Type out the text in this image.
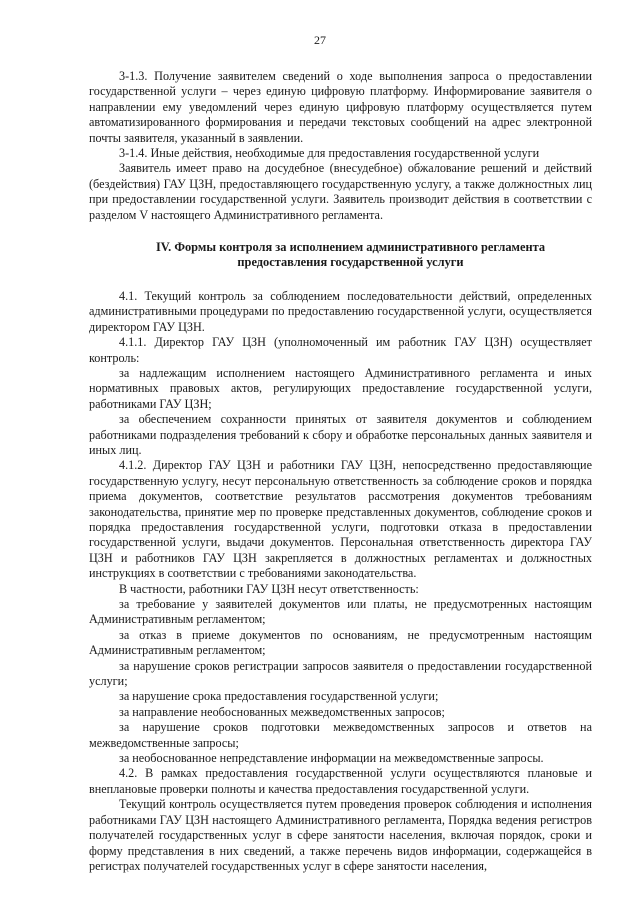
27

3-1.3. Получение заявителем сведений о ходе выполнения запроса о предоставлении государственной услуги – через единую цифровую платформу. Информирование заявителя о направлении ему уведомлений через единую цифровую платформу осуществляется путем автоматизированного формирования и передачи текстовых сообщений на адрес электронной почты заявителя, указанный в заявлении.

3-1.4. Иные действия, необходимые для предоставления государственной услуги

Заявитель имеет право на досудебное (внесудебное) обжалование решений и действий (бездействия) ГАУ ЦЗН, предоставляющего государственную услугу, а также должностных лиц при предоставлении государственной услуги. Заявитель производит действия в соответствии с разделом V настоящего Административного регламента.

IV. Формы контроля за исполнением административного регламента
предоставления государственной услуги

4.1. Текущий контроль за соблюдением последовательности действий, определенных административными процедурами по предоставлению государственной услуги, осуществляется директором ГАУ ЦЗН.

4.1.1. Директор ГАУ ЦЗН (уполномоченный им работник ГАУ ЦЗН) осуществляет контроль:

за надлежащим исполнением настоящего Административного регламента и иных нормативных правовых актов, регулирующих предоставление государственной услуги, работниками ГАУ ЦЗН;

за обеспечением сохранности принятых от заявителя документов и соблюдением работниками подразделения требований к сбору и обработке персональных данных заявителя и иных лиц.

4.1.2. Директор ГАУ ЦЗН и работники ГАУ ЦЗН, непосредственно предоставляющие государственную услугу, несут персональную ответственность за соблюдение сроков и порядка приема документов, соответствие результатов рассмотрения документов требованиям законодательства, принятие мер по проверке представленных документов, соблюдение сроков и порядка предоставления государственной услуги, подготовки отказа в предоставлении государственной услуги, выдачи документов. Персональная ответственность директора ГАУ ЦЗН и работников ГАУ ЦЗН закрепляется в должностных регламентах и должностных инструкциях в соответствии с требованиями законодательства.

В частности, работники ГАУ ЦЗН несут ответственность:

за требование у заявителей документов или платы, не предусмотренных настоящим Административным регламентом;

за отказ в приеме документов по основаниям, не предусмотренным настоящим Административным регламентом;

за нарушение сроков регистрации запросов заявителя о предоставлении государственной услуги;

за нарушение срока предоставления государственной услуги;

за направление необоснованных межведомственных запросов;

за нарушение сроков подготовки межведомственных запросов и ответов на межведомственные запросы;

за необоснованное непредставление информации на межведомственные запросы.

4.2. В рамках предоставления государственной услуги осуществляются плановые и внеплановые проверки полноты и качества предоставления государственной услуги.

Текущий контроль осуществляется путем проведения проверок соблюдения и исполнения работниками ГАУ ЦЗН настоящего Административного регламента, Порядка ведения регистров получателей государственных услуг в сфере занятости населения, включая порядок, сроки и форму представления в них сведений, а также перечень видов информации, содержащейся в регистрах получателей государственных услуг в сфере занятости населения,

`
